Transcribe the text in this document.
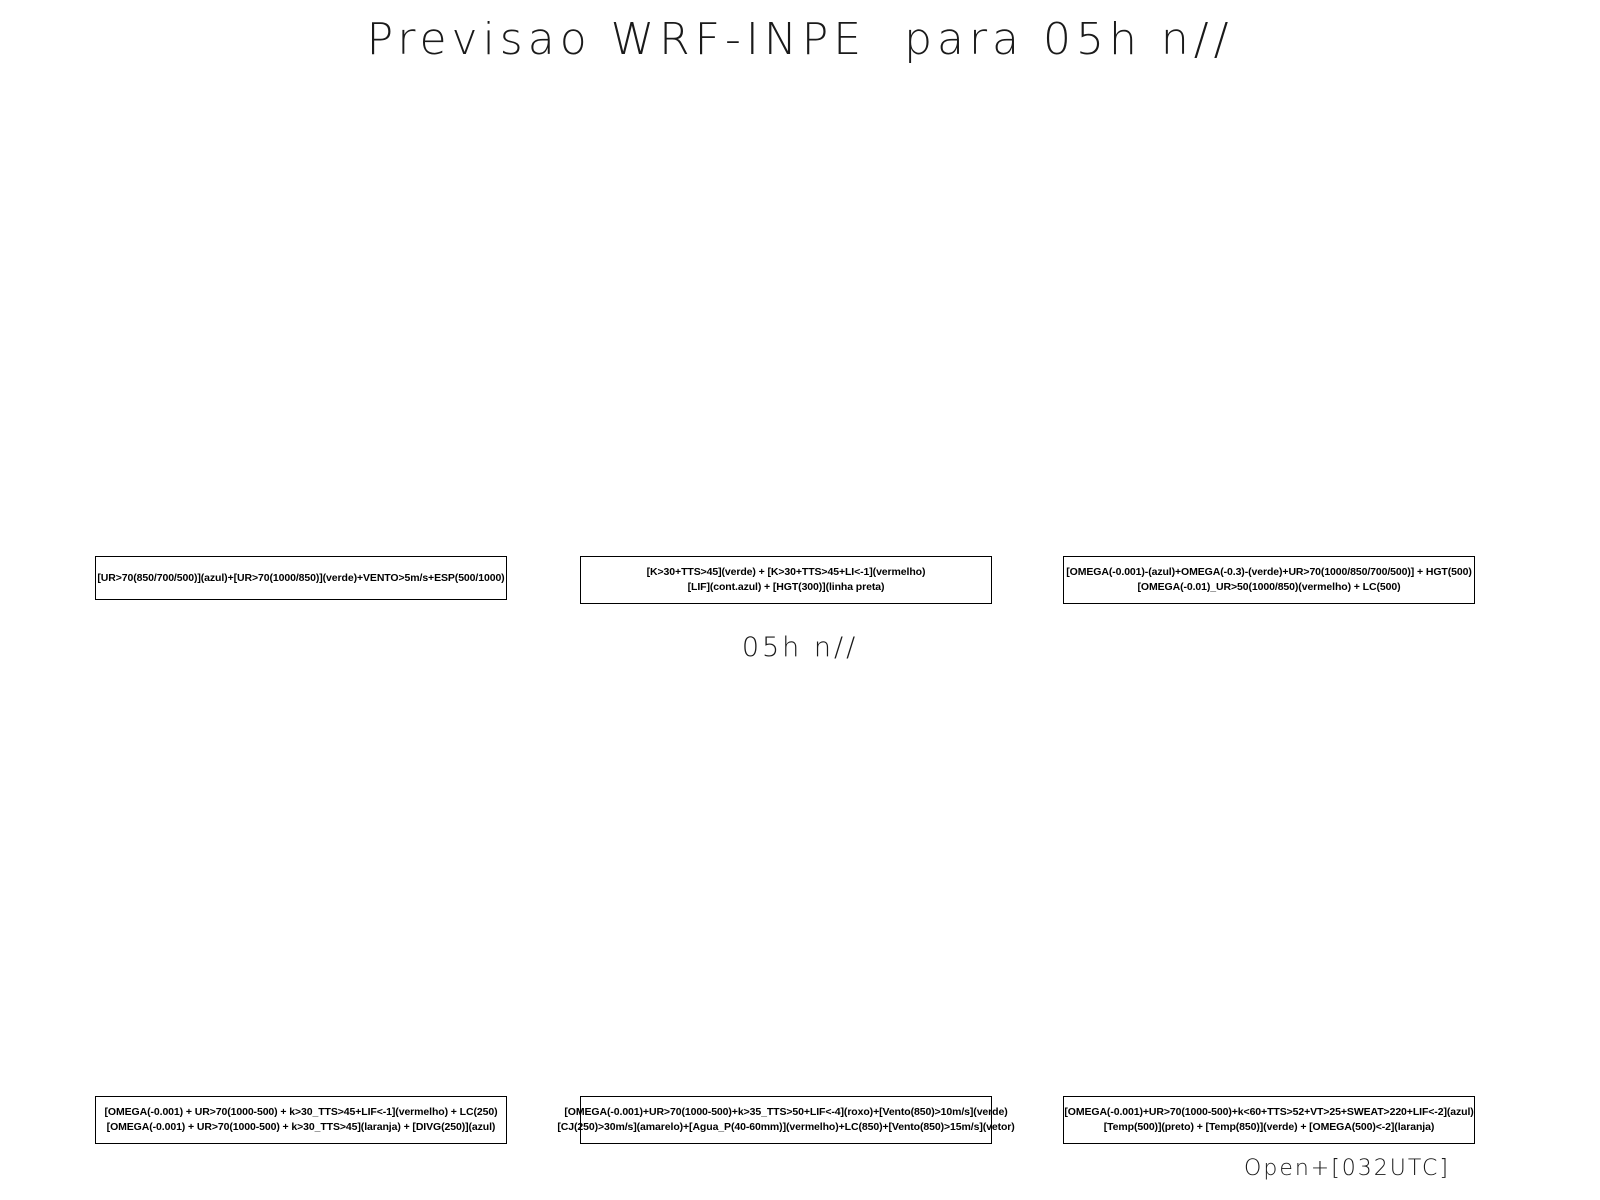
Previsao WRF-INPE  para 05h n//
[UR>70(850/700/500)](azul)+[UR>70(1000/850)](verde)+VENTO>5m/s+ESP(500/1000)	[K>30+TTS>45](verde) + [K>30+TTS>45+LI<-1](vermelho)
[LIF](cont.azul) + [HGT(300)](linha preta)
[OMEGA(-0.001)-(azul)+OMEGA(-0.3)-(verde)+UR>70(1000/850/700/500)] + HGT(500)
[OMEGA(-0.01)_UR>50(1000/850)(vermelho) + LC(500)
05h n//
[OMEGA(-0.001) + UR>70(1000-500) + k>30_TTS>45+LIF<-1](vermelho) + LC(250)
[OMEGA(-0.001) + UR>70(1000-500) + k>30_TTS>45](laranja) + [DIVG(250)](azul)
[OMEGA(-0.001)+UR>70(1000-500)+k>35_TTS>50+LIF<-4](roxo)+[Vento(850)>10m/s](verde)
[CJ(250)>30m/s](amarelo)+[Agua_P(40-60mm)](vermelho)+LC(850)+[Vento(850)>15m/s](vetor)
[OMEGA(-0.001)+UR>70(1000-500)+k<60+TTS>52+VT>25+SWEAT>220+LIF<-2](azul)
[Temp(500)](preto) + [Temp(850)](verde) + [OMEGA(500)<-2](laranja)
Open+[032UTC]
